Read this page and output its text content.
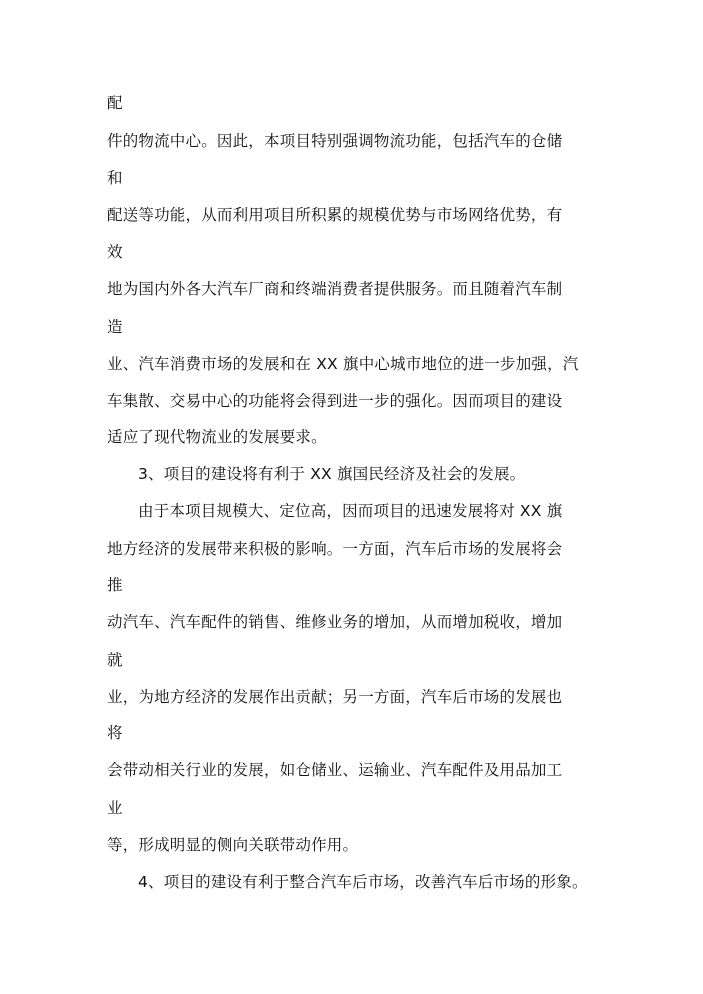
配
件的物流中心。因此，本项目特别强调物流功能，包括汽车的仓储
和
配送等功能，从而利用项目所积累的规模优势与市场网络优势，有
效
地为国内外各大汽车厂商和终端消费者提供服务。而且随着汽车制
造
业、汽车消费市场的发展和在 XX 旗中心城市地位的进一步加强，汽
车集散、交易中心的功能将会得到进一步的强化。因而项目的建设
适应了现代物流业的发展要求。
3、项目的建设将有利于 XX 旗国民经济及社会的发展。
由于本项目规模大、定位高，因而项目的迅速发展将对 XX 旗
地方经济的发展带来积极的影响。一方面，汽车后市场的发展将会
推
动汽车、汽车配件的销售、维修业务的增加，从而增加税收，增加
就
业，为地方经济的发展作出贡献；另一方面，汽车后市场的发展也
将
会带动相关行业的发展，如仓储业、运输业、汽车配件及用品加工
业
等，形成明显的侧向关联带动作用。
4、项目的建设有利于整合汽车后市场，改善汽车后市场的形象。
